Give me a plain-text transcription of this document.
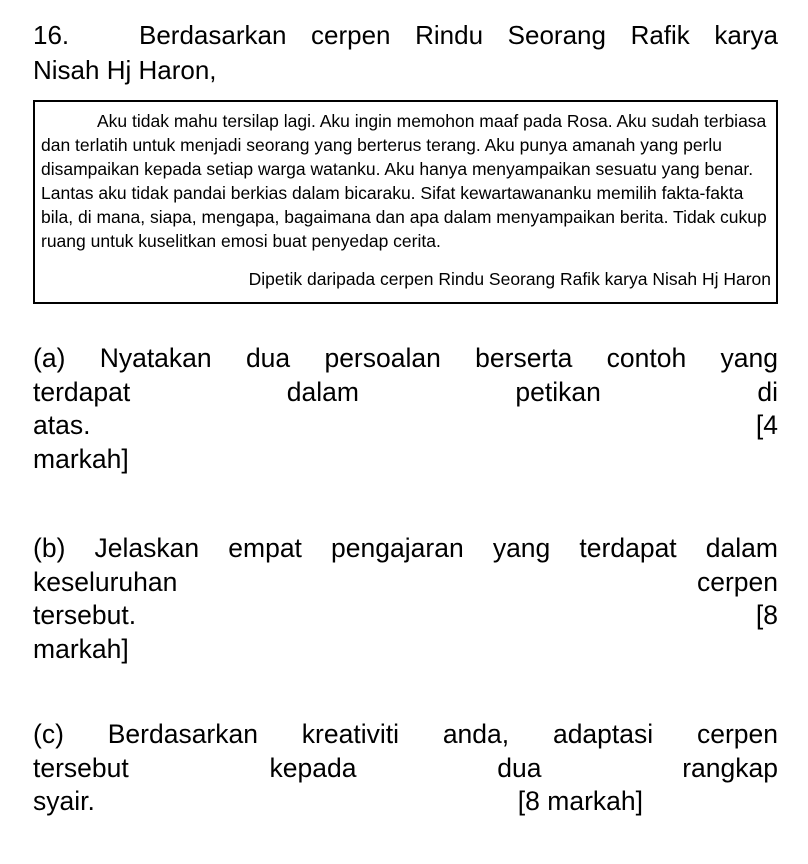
16.	Berdasarkan cerpen Rindu Seorang Rafik karya
Nisah Hj Haron,

Aku tidak mahu tersilap lagi. Aku ingin memohon maaf pada Rosa. Aku sudah terbiasa dan terlatih untuk menjadi seorang yang berterus terang. Aku punya amanah yang perlu disampaikan kepada setiap warga watanku. Aku hanya menyampaikan sesuatu yang benar. Lantas aku tidak pandai berkias dalam bicaraku. Sifat kewartawananku memilih fakta-fakta bila, di mana, siapa, mengapa, bagaimana dan apa dalam menyampaikan berita. Tidak cukup ruang untuk kuselitkan emosi buat penyedap cerita.

Dipetik daripada cerpen Rindu Seorang Rafik karya Nisah Hj Haron

(a) Nyatakan dua persoalan berserta contoh yang
terdapat dalam petikan di
atas. [4
markah]
(b) Jelaskan empat pengajaran yang terdapat dalam
keseluruhan cerpen
tersebut. [8
markah]
(c) Berdasarkan kreativiti anda, adaptasi cerpen
tersebut kepada dua rangkap
syair.	[8 markah]
